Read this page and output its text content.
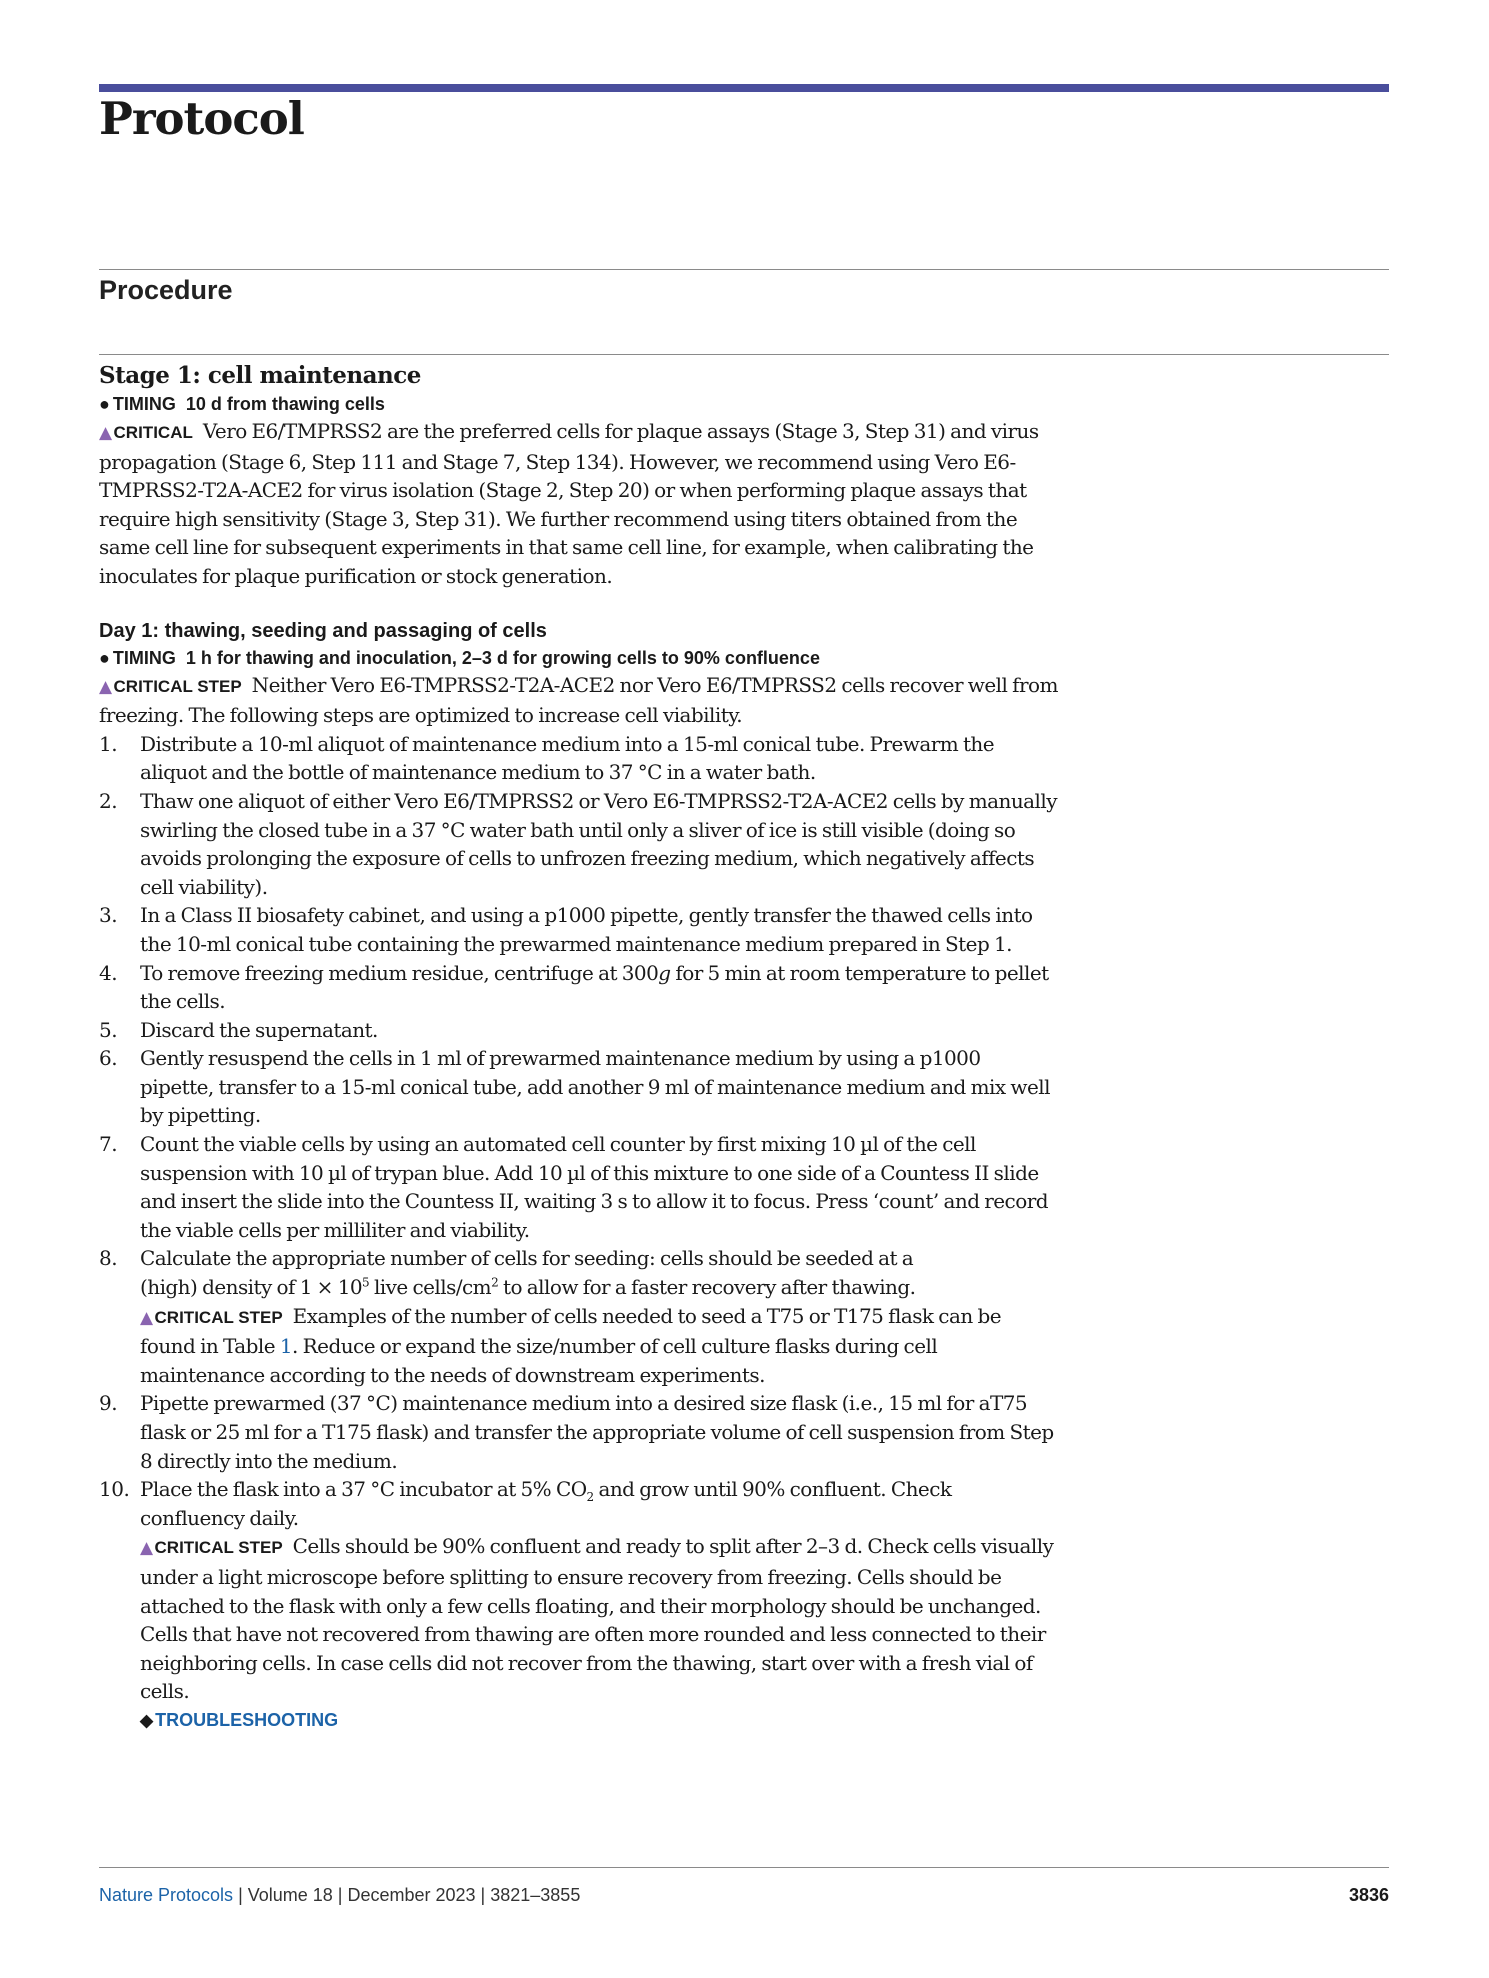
Protocol
Procedure
Stage 1: cell maintenance

● TIMING 10 d from thawing cells

▲ CRITICAL Vero E6/TMPRSS2 are the preferred cells for plaque assays (Stage 3, Step 31) and virus propagation (Stage 6, Step 111 and Stage 7, Step 134). However, we recommend using Vero E6-TMPRSS2-T2A-ACE2 for virus isolation (Stage 2, Step 20) or when performing plaque assays that require high sensitivity (Stage 3, Step 31). We further recommend using titers obtained from the same cell line for subsequent experiments in that same cell line, for example, when calibrating the inoculates for plaque purification or stock generation.

Day 1: thawing, seeding and passaging of cells

● TIMING 1 h for thawing and inoculation, 2–3 d for growing cells to 90% confluence

▲ CRITICAL STEP Neither Vero E6-TMPRSS2-T2A-ACE2 nor Vero E6/TMPRSS2 cells recover well from freezing. The following steps are optimized to increase cell viability.

1. Distribute a 10-ml aliquot of maintenance medium into a 15-ml conical tube. Prewarm the aliquot and the bottle of maintenance medium to 37 °C in a water bath.
2. Thaw one aliquot of either Vero E6/TMPRSS2 or Vero E6-TMPRSS2-T2A-ACE2 cells by manually swirling the closed tube in a 37 °C water bath until only a sliver of ice is still visible (doing so avoids prolonging the exposure of cells to unfrozen freezing medium, which negatively affects cell viability).
3. In a Class II biosafety cabinet, and using a p1000 pipette, gently transfer the thawed cells into the 10-ml conical tube containing the prewarmed maintenance medium prepared in Step 1.
4. To remove freezing medium residue, centrifuge at 300g for 5 min at room temperature to pellet the cells.
5. Discard the supernatant.
6. Gently resuspend the cells in 1 ml of prewarmed maintenance medium by using a p1000 pipette, transfer to a 15-ml conical tube, add another 9 ml of maintenance medium and mix well by pipetting.
7. Count the viable cells by using an automated cell counter by first mixing 10 µl of the cell suspension with 10 µl of trypan blue. Add 10 µl of this mixture to one side of a Countess II slide and insert the slide into the Countess II, waiting 3 s to allow it to focus. Press ‘count’ and record the viable cells per milliliter and viability.
8. Calculate the appropriate number of cells for seeding: cells should be seeded at a (high) density of $1 \times 10^5$ live cells/$cm^2$ to allow for a faster recovery after thawing.

▲ CRITICAL STEP Examples of the number of cells needed to seed a T75 or T175 flask can be found in Table 1. Reduce or expand the size/number of cell culture flasks during cell maintenance according to the needs of downstream experiments.

9. Pipette prewarmed (37 °C) maintenance medium into a desired size flask (i.e., 15 ml for aT75 flask or 25 ml for a T175 flask) and transfer the appropriate volume of cell suspension from Step 8 directly into the medium.
10. Place the flask into a 37 °C incubator at 5% $CO_2$ and grow until 90% confluent. Check confluency daily.

▲ CRITICAL STEP Cells should be 90% confluent and ready to split after 2–3 d. Check cells visually under a light microscope before splitting to ensure recovery from freezing. Cells should be attached to the flask with only a few cells floating, and their morphology should be unchanged. Cells that have not recovered from thawing are often more rounded and less connected to their neighboring cells. In case cells did not recover from the thawing, start over with a fresh vial of cells.

◆ TROUBLESHOOTING

Nature Protocols | Volume 18 | December 2023 | 3821–3855	3836
